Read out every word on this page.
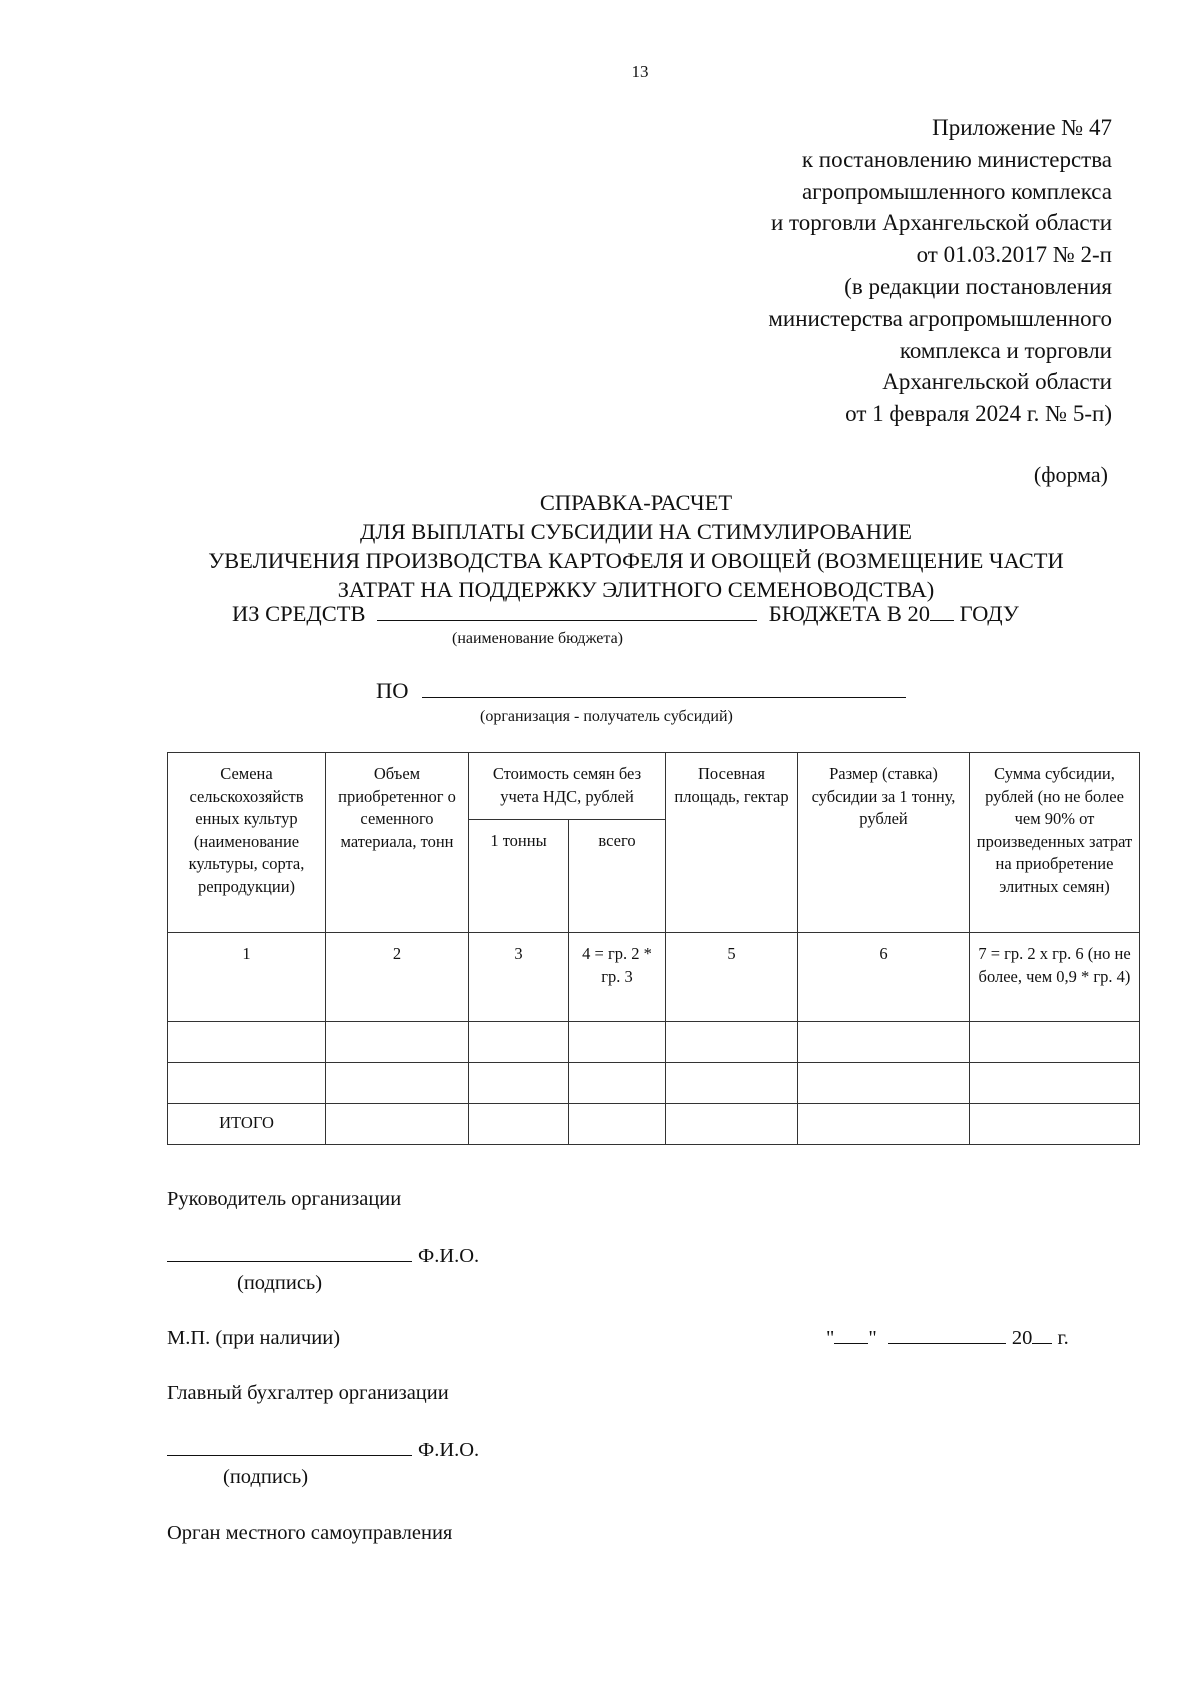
13
Приложение № 47
к постановлению министерства
агропромышленного комплекса
и торговли Архангельской области
от 01.03.2017 № 2-п
(в редакции постановления
министерства агропромышленного
комплекса и торговли
Архангельской области
от 1 февраля 2024 г. № 5-п)
(форма)
СПРАВКА-РАСЧЕТ
ДЛЯ ВЫПЛАТЫ СУБСИДИИ НА СТИМУЛИРОВАНИЕ
УВЕЛИЧЕНИЯ ПРОИЗВОДСТВА КАРТОФЕЛЯ И ОВОЩЕЙ (ВОЗМЕЩЕНИЕ ЧАСТИ
ЗАТРАТ НА ПОДДЕРЖКУ ЭЛИТНОГО СЕМЕНОВОДСТВА)
ИЗ СРЕДСТВ	БЮДЖЕТА В 20 ГОДУ
(наименование бюджета)
ПО
(организация - получатель субсидий)
Семена сельскохозяйств енных культур (наименование культуры, сорта, репродукции)	Объем приобретенног о семенного материала, тонн	Стоимость семян без учета НДС, рублей		Посевная площадь, гектар	Размер (ставка) субсидии за 1 тонну, рублей	Сумма субсидии, рублей (но не более чем 90% от произведенных затрат на приобретение элитных семян)
		1 тонны	всего			
1	2	3	4 = гр. 2 * гр. 3	5	6	7 = гр. 2 х гр. 6 (но не более, чем 0,9 * гр. 4)

ИТОГО						
Руководитель организации
Ф.И.О.
(подпись)
М.П. (при наличии)	" "	20 г.
Главный бухгалтер организации
Ф.И.О.
(подпись)
Орган местного самоуправления
